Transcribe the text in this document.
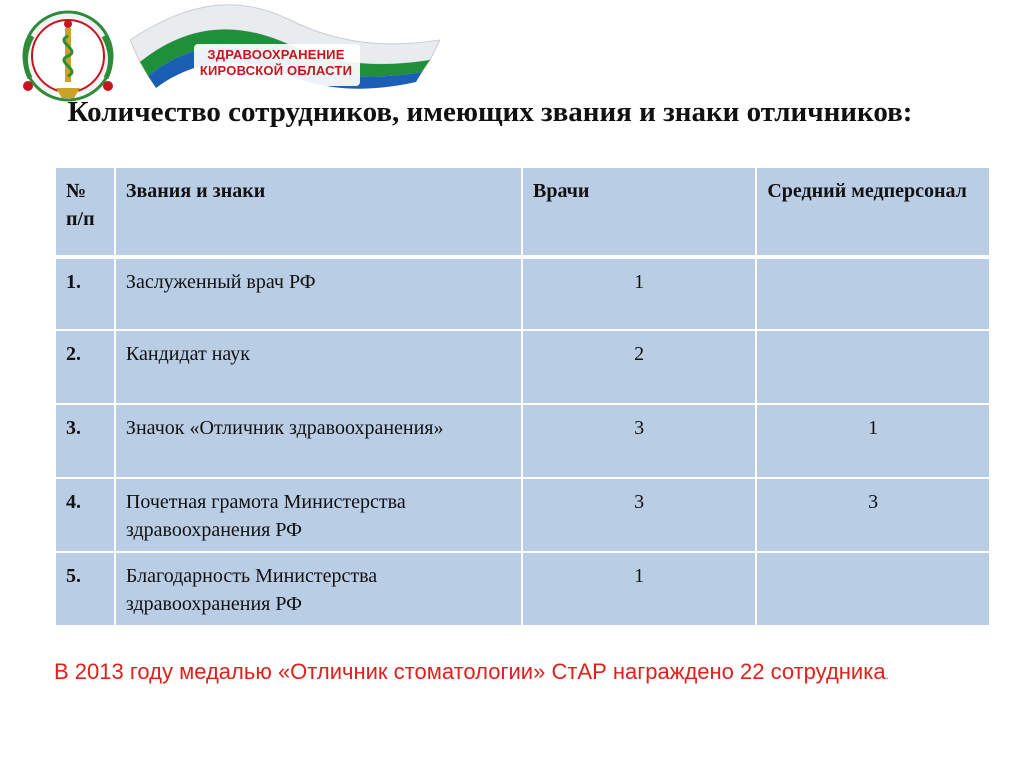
ЗДРАВООХРАНЕНИЕ
КИРОВСКОЙ ОБЛАСТИ
Количество сотрудников, имеющих звания и знаки отличников:
№ п/п	Звания и знаки	Врачи	Средний медперсонал
1.	Заслуженный врач РФ	1	
2.	Кандидат наук	2	
3.	Значок «Отличник здравоохранения»	3	1
4.	Почетная грамота Министерства здравоохранения РФ	3	3
5.	Благодарность Министерства здравоохранения РФ	1	
В 2013 году медалью «Отличник стоматологии» СтАР награждено 22 сотрудника.
